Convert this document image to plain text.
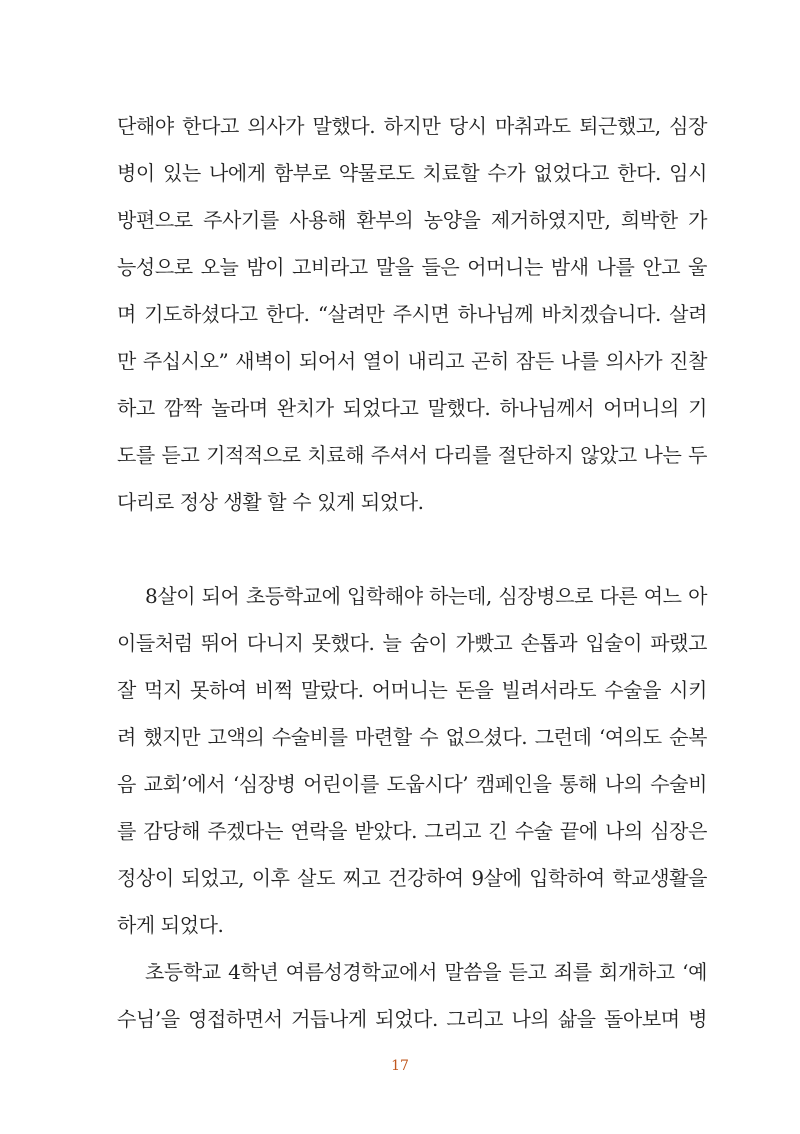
단해야 한다고 의사가 말했다. 하지만 당시 마취과도 퇴근했고, 심장
병이 있는 나에게 함부로 약물로도 치료할 수가 없었다고 한다. 임시
방편으로 주사기를 사용해 환부의 농양을 제거하였지만, 희박한 가
능성으로 오늘 밤이 고비라고 말을 들은 어머니는 밤새 나를 안고 울
며 기도하셨다고 한다. “살려만 주시면 하나님께 바치겠습니다. 살려
만 주십시오” 새벽이 되어서 열이 내리고 곤히 잠든 나를 의사가 진찰
하고 깜짝 놀라며 완치가 되었다고 말했다. 하나님께서 어머니의 기
도를 듣고 기적적으로 치료해 주셔서 다리를 절단하지 않았고 나는 두
다리로 정상 생활 할 수 있게 되었다.
8살이 되어 초등학교에 입학해야 하는데, 심장병으로 다른 여느 아
이들처럼 뛰어 다니지 못했다. 늘 숨이 가빴고 손톱과 입술이 파랬고
잘 먹지 못하여 비쩍 말랐다. 어머니는 돈을 빌려서라도 수술을 시키
려 했지만 고액의 수술비를 마련할 수 없으셨다. 그런데 ‘여의도 순복
음 교회’에서 ‘심장병 어린이를 도웁시다’ 캠페인을 통해 나의 수술비
를 감당해 주겠다는 연락을 받았다. 그리고 긴 수술 끝에 나의 심장은
정상이 되었고, 이후 살도 찌고 건강하여 9살에 입학하여 학교생활을
하게 되었다.
초등학교 4학년 여름성경학교에서 말씀을 듣고 죄를 회개하고 ‘예
수님’을 영접하면서 거듭나게 되었다. 그리고 나의 삶을 돌아보며 병
17
